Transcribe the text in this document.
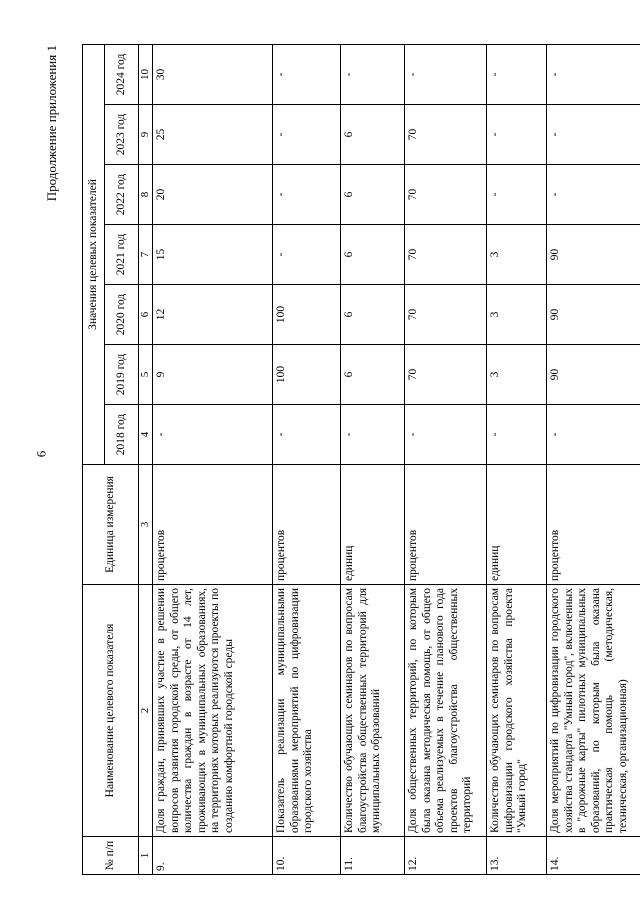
6
Продолжение приложения 1
№ п/п	Наименование целевого показателя	Единица измерения	Значения целевых показателей						
			2018 год	2019 год	2020 год	2021 год	2022 год	2023 год	2024 год
1	2	3	4	5	6	7	8	9	10
9.	Доля граждан, принявших участие в решении вопросов развития городской среды, от общего количества граждан в возрасте от 14 лет, проживающих в муниципальных образованиях, на территориях которых реализуются проекты по созданию комфортной городской среды	процентов	-	9	12	15	20	25	30
10.	Показатель реализации муниципальными образованиями мероприятий по цифровизации городского хозяйства	процентов	-	100	100	-	-	-	-
11.	Количество обучающих семинаров по вопросам благоустройства общественных территорий для муниципальных образований	единиц	-	6	6	6	6	6	-
12.	Доля общественных территорий, по которым была оказана методическая помощь, от общего объема реализуемых в течение планового года проектов благоустройства общественных территорий	процентов	-	70	70	70	70	70	-
13.	Количество обучающих семинаров по вопросам цифровизации городского хозяйства проекта "Умный город"	единиц	-	3	3	3	-	-	-
14.	Доля мероприятий по цифровизации городского хозяйства стандарта "Умный город", включенных в "дорожные карты" пилотных муниципальных образований, по которым была оказана практическая помощь (методическая, техническая, организационная)	процентов	-	90	90	90	-	-	-
